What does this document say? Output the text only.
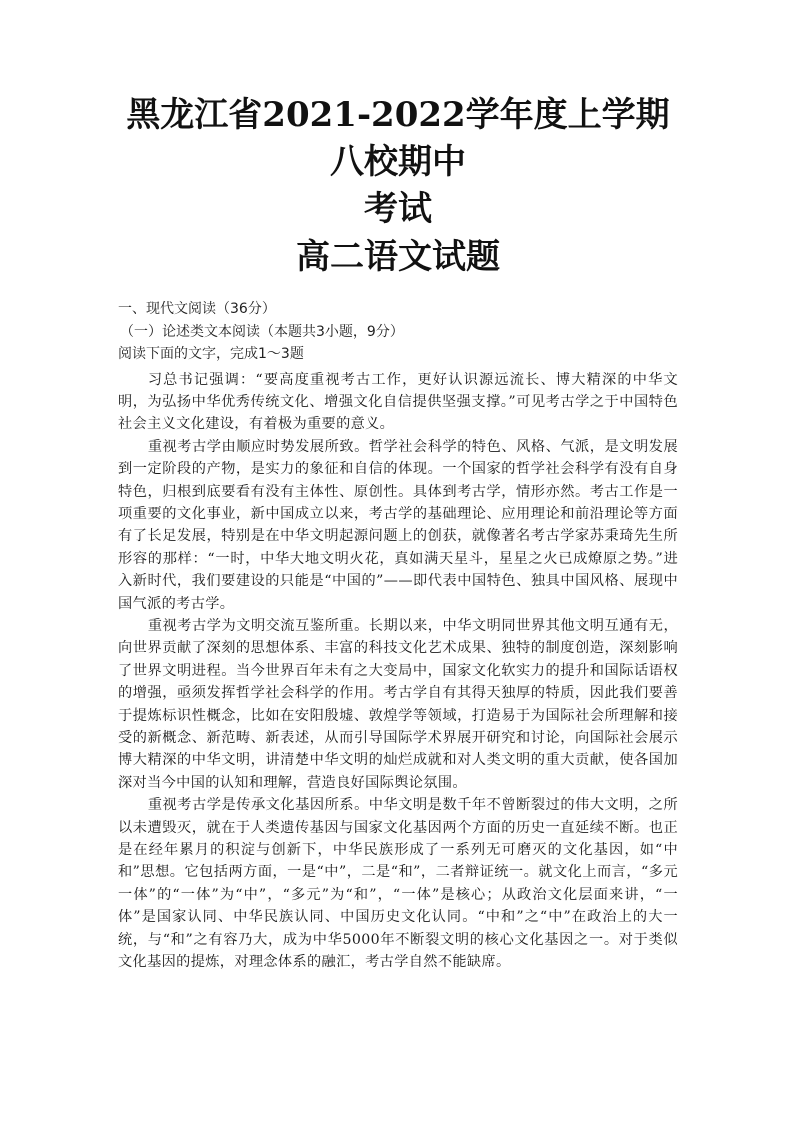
黑龙江省2021-2022学年度上学期八校期中
考试
高二语文试题

一、现代文阅读（36分）

（一）论述类文本阅读（本题共3小题，9分）

阅读下面的文字，完成1～3题

习总书记强调：“要高度重视考古工作，更好认识源远流长、博大精深的中华文明，为弘扬中华优秀传统文化、增强文化自信提供坚强支撑。”可见考古学之于中国特色社会主义文化建设，有着极为重要的意义。

重视考古学由顺应时势发展所致。哲学社会科学的特色、风格、气派，是文明发展到一定阶段的产物，是实力的象征和自信的体现。一个国家的哲学社会科学有没有自身特色，归根到底要看有没有主体性、原创性。具体到考古学，情形亦然。考古工作是一项重要的文化事业，新中国成立以来，考古学的基础理论、应用理论和前沿理论等方面有了长足发展，特别是在中华文明起源问题上的创获，就像著名考古学家苏秉琦先生所形容的那样：“一时，中华大地文明火花，真如满天星斗，星星之火已成燎原之势。”进入新时代，我们要建设的只能是“中国的”——即代表中国特色、独具中国风格、展现中国气派的考古学。

重视考古学为文明交流互鉴所重。长期以来，中华文明同世界其他文明互通有无，向世界贡献了深刻的思想体系、丰富的科技文化艺术成果、独特的制度创造，深刻影响了世界文明进程。当今世界百年未有之大变局中，国家文化软实力的提升和国际话语权的增强，亟须发挥哲学社会科学的作用。考古学自有其得天独厚的特质，因此我们要善于提炼标识性概念，比如在安阳殷墟、敦煌学等领域，打造易于为国际社会所理解和接受的新概念、新范畴、新表述，从而引导国际学术界展开研究和讨论，向国际社会展示博大精深的中华文明，讲清楚中华文明的灿烂成就和对人类文明的重大贡献，使各国加深对当今中国的认知和理解，营造良好国际舆论氛围。

重视考古学是传承文化基因所系。中华文明是数千年不曾断裂过的伟大文明，之所以未遭毁灭，就在于人类遗传基因与国家文化基因两个方面的历史一直延续不断。也正是在经年累月的积淀与创新下，中华民族形成了一系列无可磨灭的文化基因，如“中和”思想。它包括两方面，一是“中”，二是“和”，二者辩证统一。就文化上而言，“多元一体”的“一体”为“中”，“多元”为“和”，“一体”是核心；从政治文化层面来讲，“一体”是国家认同、中华民族认同、中国历史文化认同。“中和”之“中”在政治上的大一统，与“和”之有容乃大，成为中华5000年不断裂文明的核心文化基因之一。对于类似文化基因的提炼，对理念体系的融汇，考古学自然不能缺席。
